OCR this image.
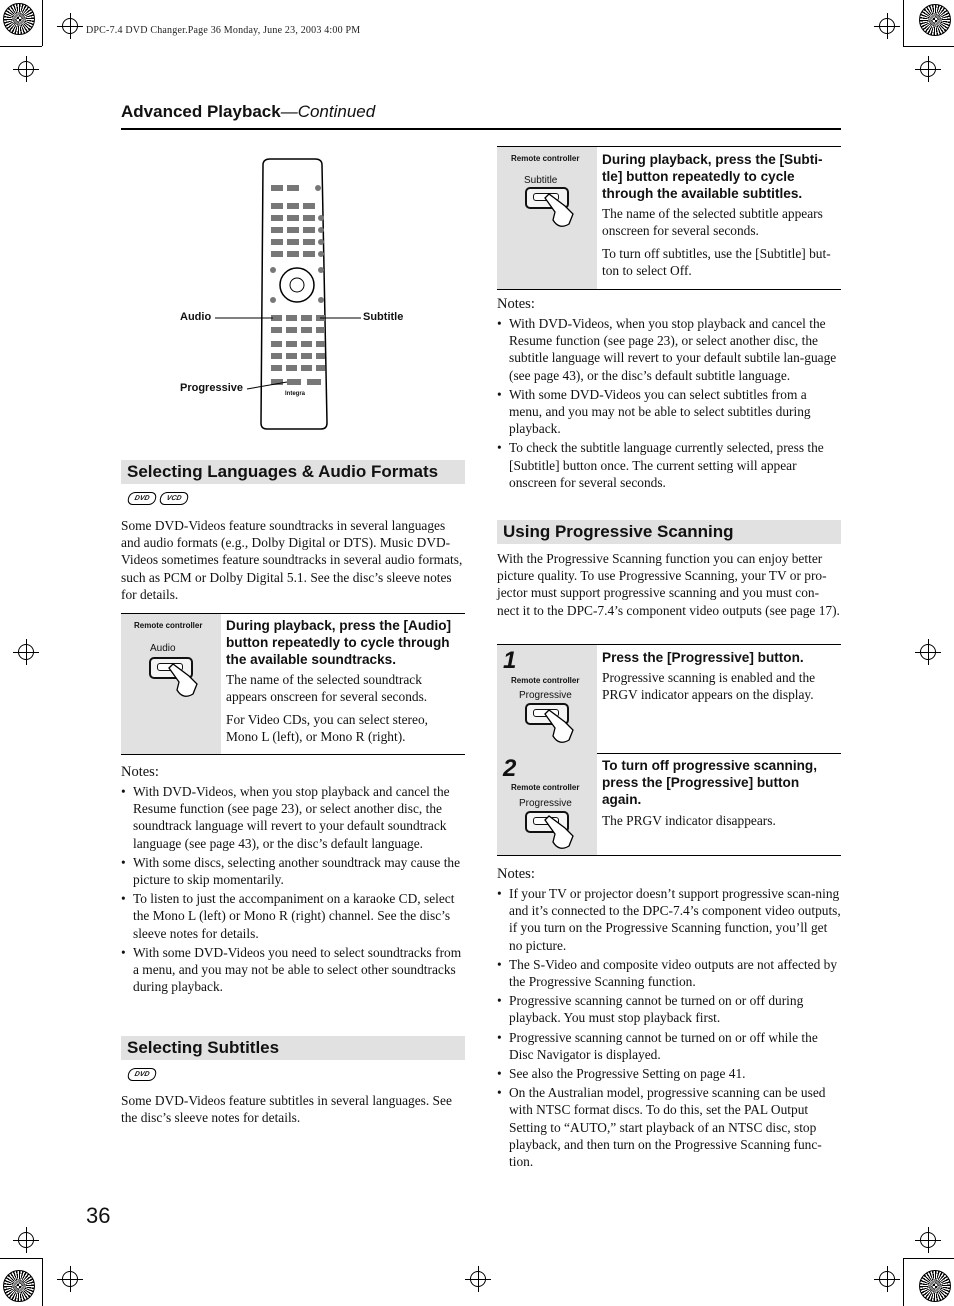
DPC-7.4 DVD Changer.Page 36 Monday, June 23, 2003 4:00 PM
Advanced Playback—Continued
Integra
Audio	Subtitle
Progressive
Selecting Languages & Audio Formats
DVD	VCD
Some DVD-Videos feature soundtracks in several languages and audio formats (e.g., Dolby Digital or DTS). Music DVD-Videos sometimes feature soundtracks in several audio formats, such as PCM or Dolby Digital 5.1. See the disc’s sleeve notes for details.
Remote controller
Audio
During playback, press the [Audio] button repeatedly to cycle through the available soundtracks.
The name of the selected soundtrack appears onscreen for several seconds.
For Video CDs, you can select stereo, Mono L (left), or Mono R (right).
Notes:
• With DVD-Videos, when you stop playback and cancel the Resume function (see page 23), or select another disc, the soundtrack language will revert to your default soundtrack language (see page 43), or the disc’s default language.
• With some discs, selecting another soundtrack may cause the picture to skip momentarily.
• To listen to just the accompaniment on a karaoke CD, select the Mono L (left) or Mono R (right) channel. See the disc’s sleeve notes for details.
• With some DVD-Videos you need to select soundtracks from a menu, and you may not be able to select other soundtracks during playback.
Selecting Subtitles
DVD
Some DVD-Videos feature subtitles in several languages. See the disc’s sleeve notes for details.
Remote controller
Subtitle
During playback, press the [Subti-tle] button repeatedly to cycle through the available subtitles.
The name of the selected subtitle appears onscreen for several seconds.
To turn off subtitles, use the [Subtitle] but-ton to select Off.
Notes:
• With DVD-Videos, when you stop playback and cancel the Resume function (see page 23), or select another disc, the subtitle language will revert to your default subtile lan-guage (see page 43), or the disc’s default subtitle language.
• With some DVD-Videos you can select subtitles from a menu, and you may not be able to select subtitles during playback.
• To check the subtitle language currently selected, press the [Subtitle] button once. The current setting will appear onscreen for several seconds.
Using Progressive Scanning
With the Progressive Scanning function you can enjoy better picture quality. To use Progressive Scanning, your TV or pro-jector must support progressive scanning and you must con-nect it to the DPC-7.4’s component video outputs (see page 17).
1
Remote controller
Progressive
Press the [Progressive] button.
Progressive scanning is enabled and the PRGV indicator appears on the display.
2
Remote controller
Progressive
To turn off progressive scanning, press the [Progressive] button again.
The PRGV indicator disappears.
Notes:
• If your TV or projector doesn’t support progressive scan-ning and it’s connected to the DPC-7.4’s component video outputs, if you turn on the Progressive Scanning function, you’ll get no picture.
• The S-Video and composite video outputs are not affected by the Progressive Scanning function.
• Progressive scanning cannot be turned on or off during playback. You must stop playback first.
• Progressive scanning cannot be turned on or off while the Disc Navigator is displayed.
• See also the Progressive Setting on page 41.
• On the Australian model, progressive scanning can be used with NTSC format discs. To do this, set the PAL Output Setting to “AUTO,” start playback of an NTSC disc, stop playback, and then turn on the Progressive Scanning func-tion.
36
